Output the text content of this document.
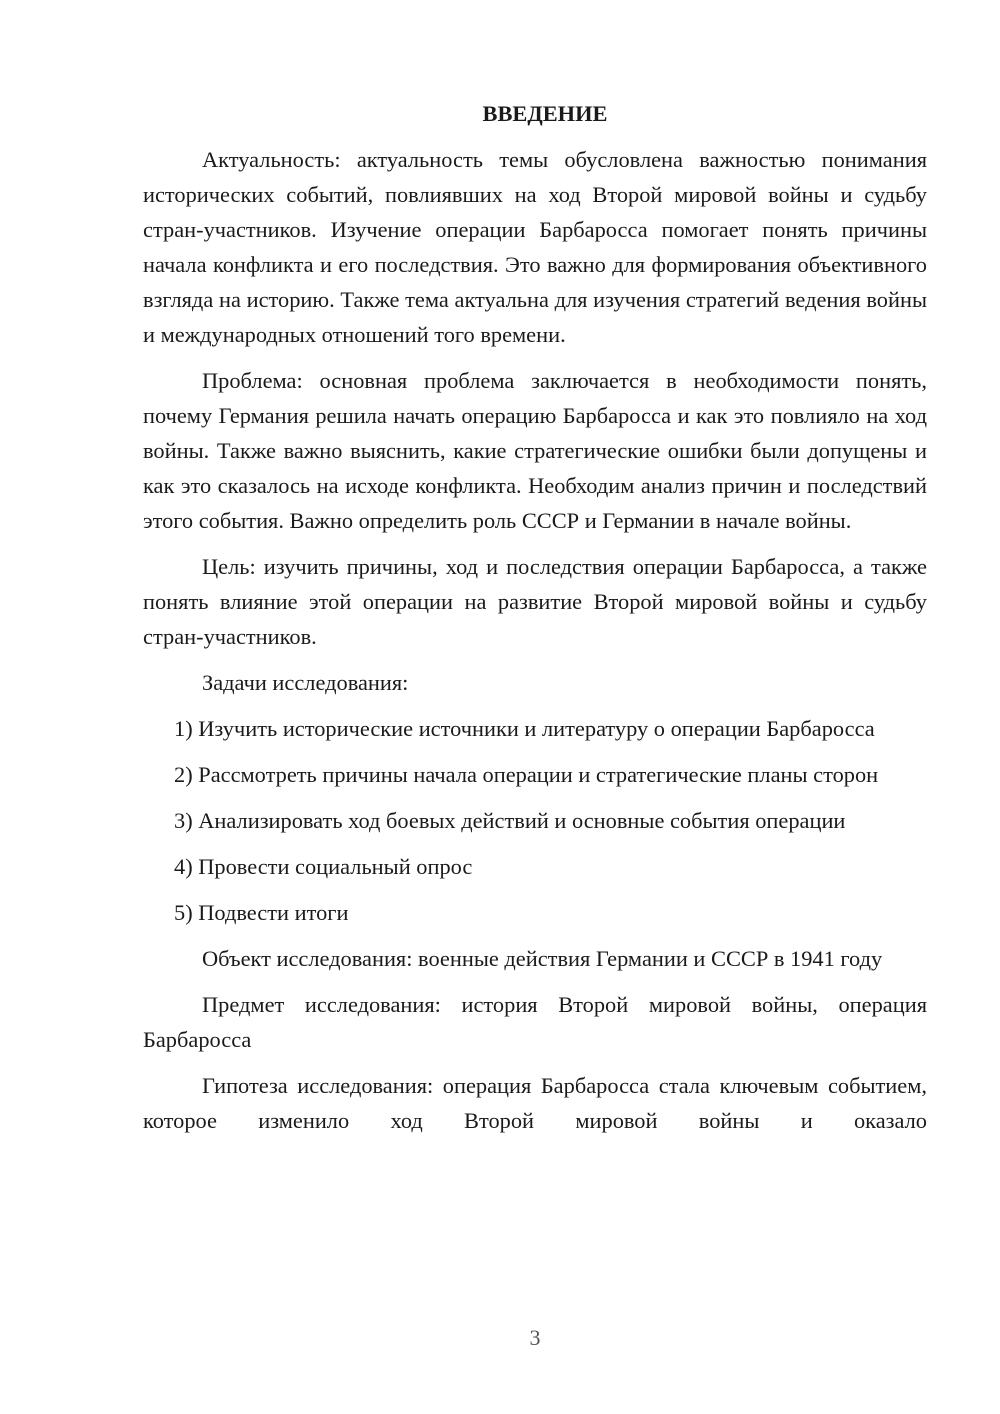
ВВЕДЕНИЕ

Актуальность: актуальность темы обусловлена важностью понимания исторических событий, повлиявших на ход Второй мировой войны и судьбу стран-участников. Изучение операции Барбаросса помогает понять причины начала конфликта и его последствия. Это важно для формирования объективного взгляда на историю. Также тема актуальна для изучения стратегий ведения войны и международных отношений того времени.

Проблема: основная проблема заключается в необходимости понять, почему Германия решила начать операцию Барбаросса и как это повлияло на ход войны. Также важно выяснить, какие стратегические ошибки были допущены и как это сказалось на исходе конфликта. Необходим анализ причин и последствий этого события. Важно определить роль СССР и Германии в начале войны.

Цель: изучить причины, ход и последствия операции Барбаросса, а также понять влияние этой операции на развитие Второй мировой войны и судьбу стран-участников.

Задачи исследования:

1) Изучить исторические источники и литературу о операции Барбаросса

2) Рассмотреть причины начала операции и стратегические планы сторон

3) Анализировать ход боевых действий и основные события операции

4) Провести социальный опрос

5) Подвести итоги

Объект исследования: военные действия Германии и СССР в 1941 году

Предмет исследования: история Второй мировой войны, операция Барбаросса

Гипотеза исследования: операция Барбаросса стала ключевым событием, которое изменило ход Второй мировой войны и оказало

3
